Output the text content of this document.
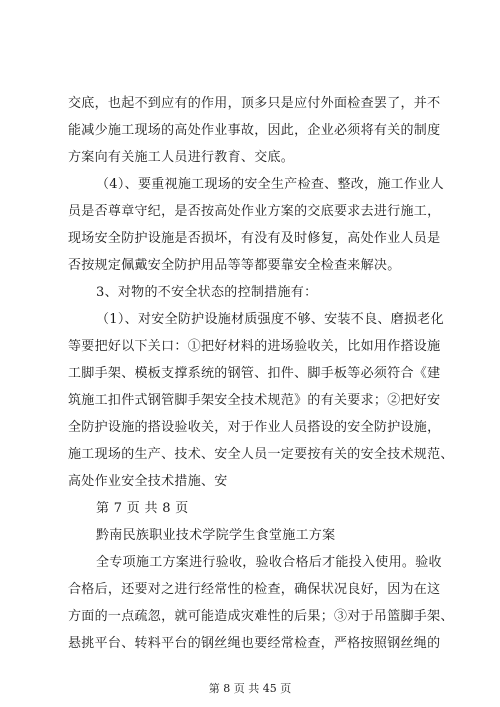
交底，也起不到应有的作用，顶多只是应付外面检查罢了，并不
能减少施工现场的高处作业事故，因此，企业必须将有关的制度
方案向有关施工人员进行教育、交底。
（4）、要重视施工现场的安全生产检查、整改，施工作业人
员是否尊章守纪，是否按高处作业方案的交底要求去进行施工，
现场安全防护设施是否损坏，有没有及时修复，高处作业人员是
否按规定佩戴安全防护用品等等都要靠安全检查来解决。
3、对物的不安全状态的控制措施有：
（1）、对安全防护设施材质强度不够、安装不良、磨损老化
等要把好以下关口：①把好材料的进场验收关，比如用作搭设施
工脚手架、模板支撑系统的钢管、扣件、脚手板等必须符合《建
筑施工扣件式钢管脚手架安全技术规范》的有关要求；②把好安
全防护设施的搭设验收关，对于作业人员搭设的安全防护设施，
施工现场的生产、技术、安全人员一定要按有关的安全技术规范、
高处作业安全技术措施、安
第 7 页 共 8 页
黔南民族职业技术学院学生食堂施工方案
全专项施工方案进行验收，验收合格后才能投入使用。验收
合格后，还要对之进行经常性的检查，确保状况良好，因为在这
方面的一点疏忽，就可能造成灾难性的后果；③对于吊篮脚手架、
悬挑平台、转料平台的钢丝绳也要经常检查，严格按照钢丝绳的
第 8 页 共 45 页
